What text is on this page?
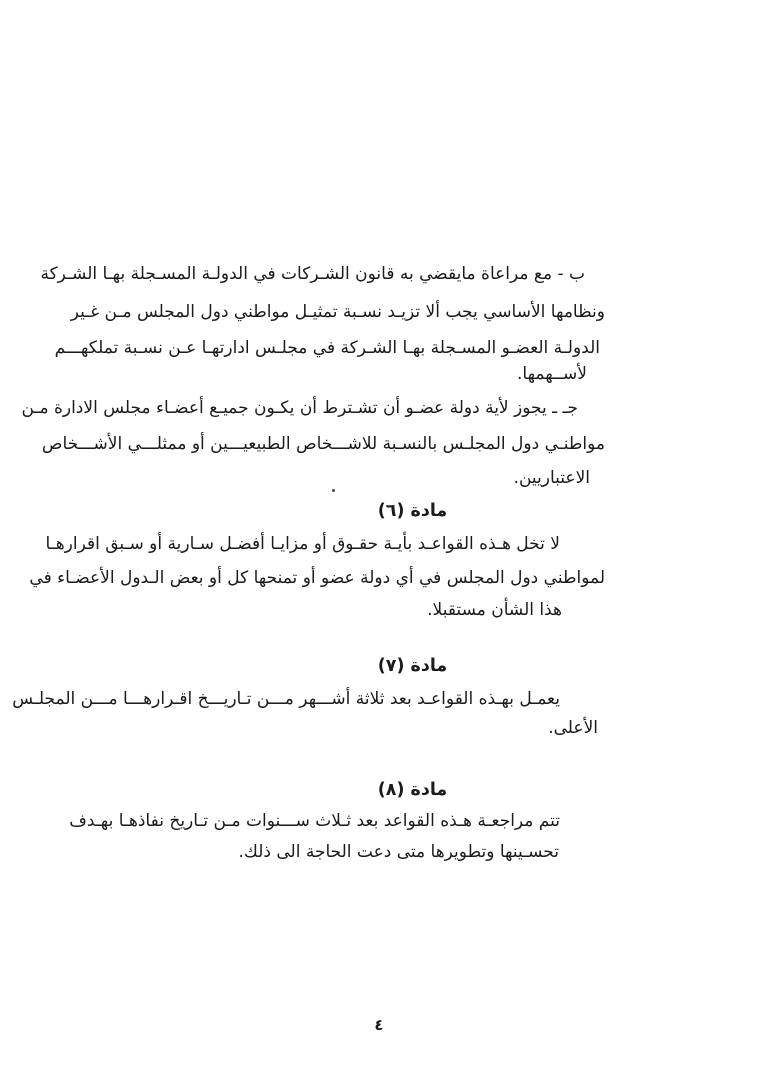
ب - مع مراعاة مايقضي به قانون الشـركات في الدولـة المسـجلة بهـا الشـركة
ونظامها الأساسي يجب ألا تزيـد نسـبة تمثيـل مواطني دول المجلس مـن غـير
الدولـة العضـو المسـجلة بهـا الشـركة في مجلـس ادارتهـا عـن نسـبة تملكهـــم
لأســهمها.
جـ ـ يجوز لأية دولة عضـو أن تشـترط أن يكـون جميـع أعضـاء مجلس الادارة مـن
مواطنـي دول المجلـس بالنسـبة للاشـــخاص الطبيعيـــين أو ممثلـــي الأشـــخاص
الاعتباريين.
مادة (٦)
لا تخل هـذه القواعـد بأيـة حقـوق أو مزايـا أفضـل سـارية أو سـبق اقرارهـا
لمواطني دول المجلس في أي دولة عضو أو تمنحها كل أو بعض الـدول الأعضـاء في
هذا الشأن مستقبلا.
مادة (٧)
يعمـل بهـذه القواعـد بعد ثلاثة أشـــهر مـــن تـاريـــخ اقـرارهـــا مـــن المجلـس
الأعلى.
مادة (٨)
تتم مراجعـة هـذه القواعد بعد ثـلاث ســـنوات مـن تـاريخ نفاذهـا بهـدف
تحسـينها وتطويرها متى دعت الحاجة الى ذلك.
٤
